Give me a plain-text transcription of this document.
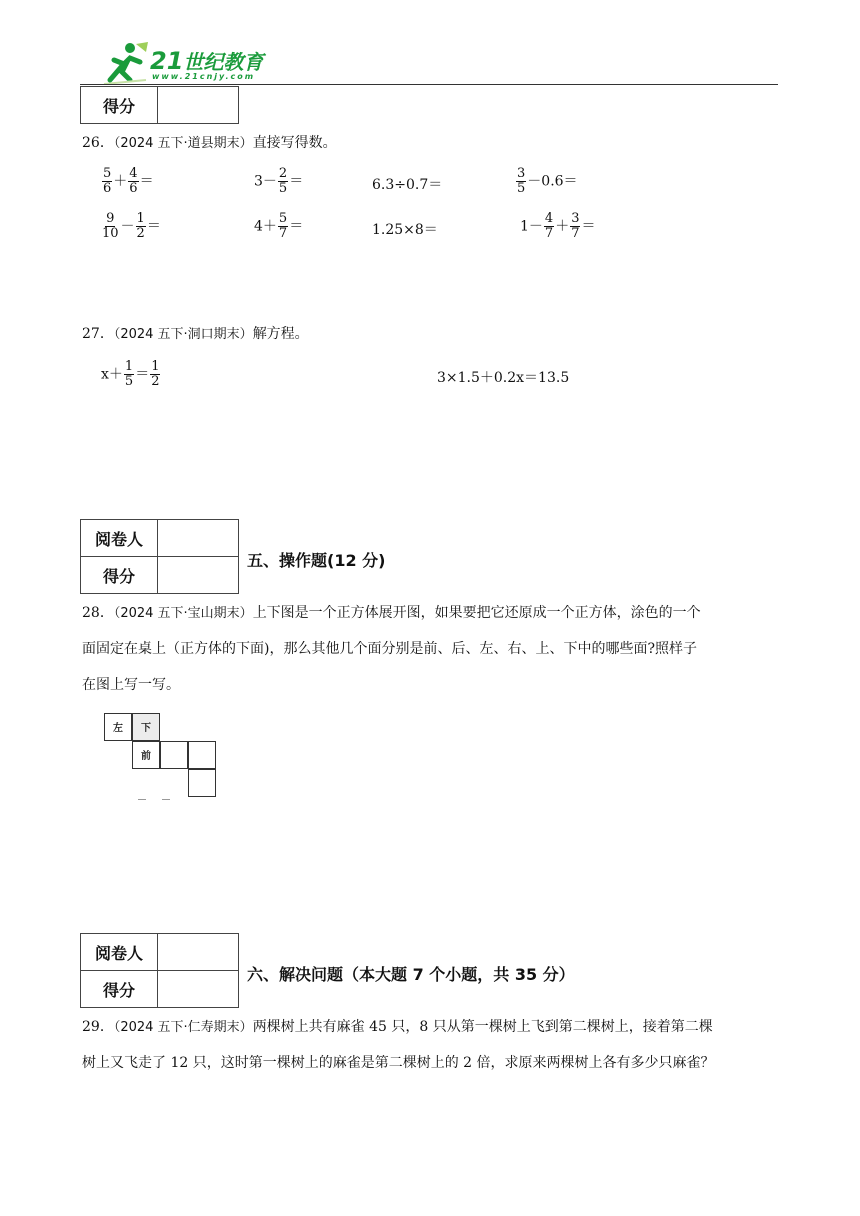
21世纪教育
www.21cnjy.com
得分	
26．（2024 五下·道县期末）直接写得数。
$\frac{5}{6} + \frac{4}{6}$ ＝	$3- \frac{2}{5}$ ＝	6.3÷0.7＝	$\frac{3}{5} -0.6=$
$\frac{9}{10} - \frac{1}{2}$ ＝	$4+ \frac{5}{7}$ ＝	1.25×8＝	$1- \frac{4}{7} + \frac{3}{7}$ ＝
27．（2024 五下·洞口期末）解方程。
$x+ \frac{1}{5} = \frac{1}{2}$	3×1.5＋0.2x＝13.5
阅卷人	
得分	
五、操作题(12 分)
28．（2024 五下·宝山期末）上下图是一个正方体展开图，如果要把它还原成一个正方体，涂色的一个
面固定在桌上（正方体的下面)，那么其他几个面分别是前、后、左、右、上、下中的哪些面?照样子
在图上写一写。
左 下
前
阅卷人	
得分	
六、解决问题（本大题 7 个小题，共 35 分）
29．（2024 五下·仁寿期末）两棵树上共有麻雀 45 只，8 只从第一棵树上飞到第二棵树上，接着第二棵
树上又飞走了 12 只，这时第一棵树上的麻雀是第二棵树上的 2 倍，求原来两棵树上各有多少只麻雀？
